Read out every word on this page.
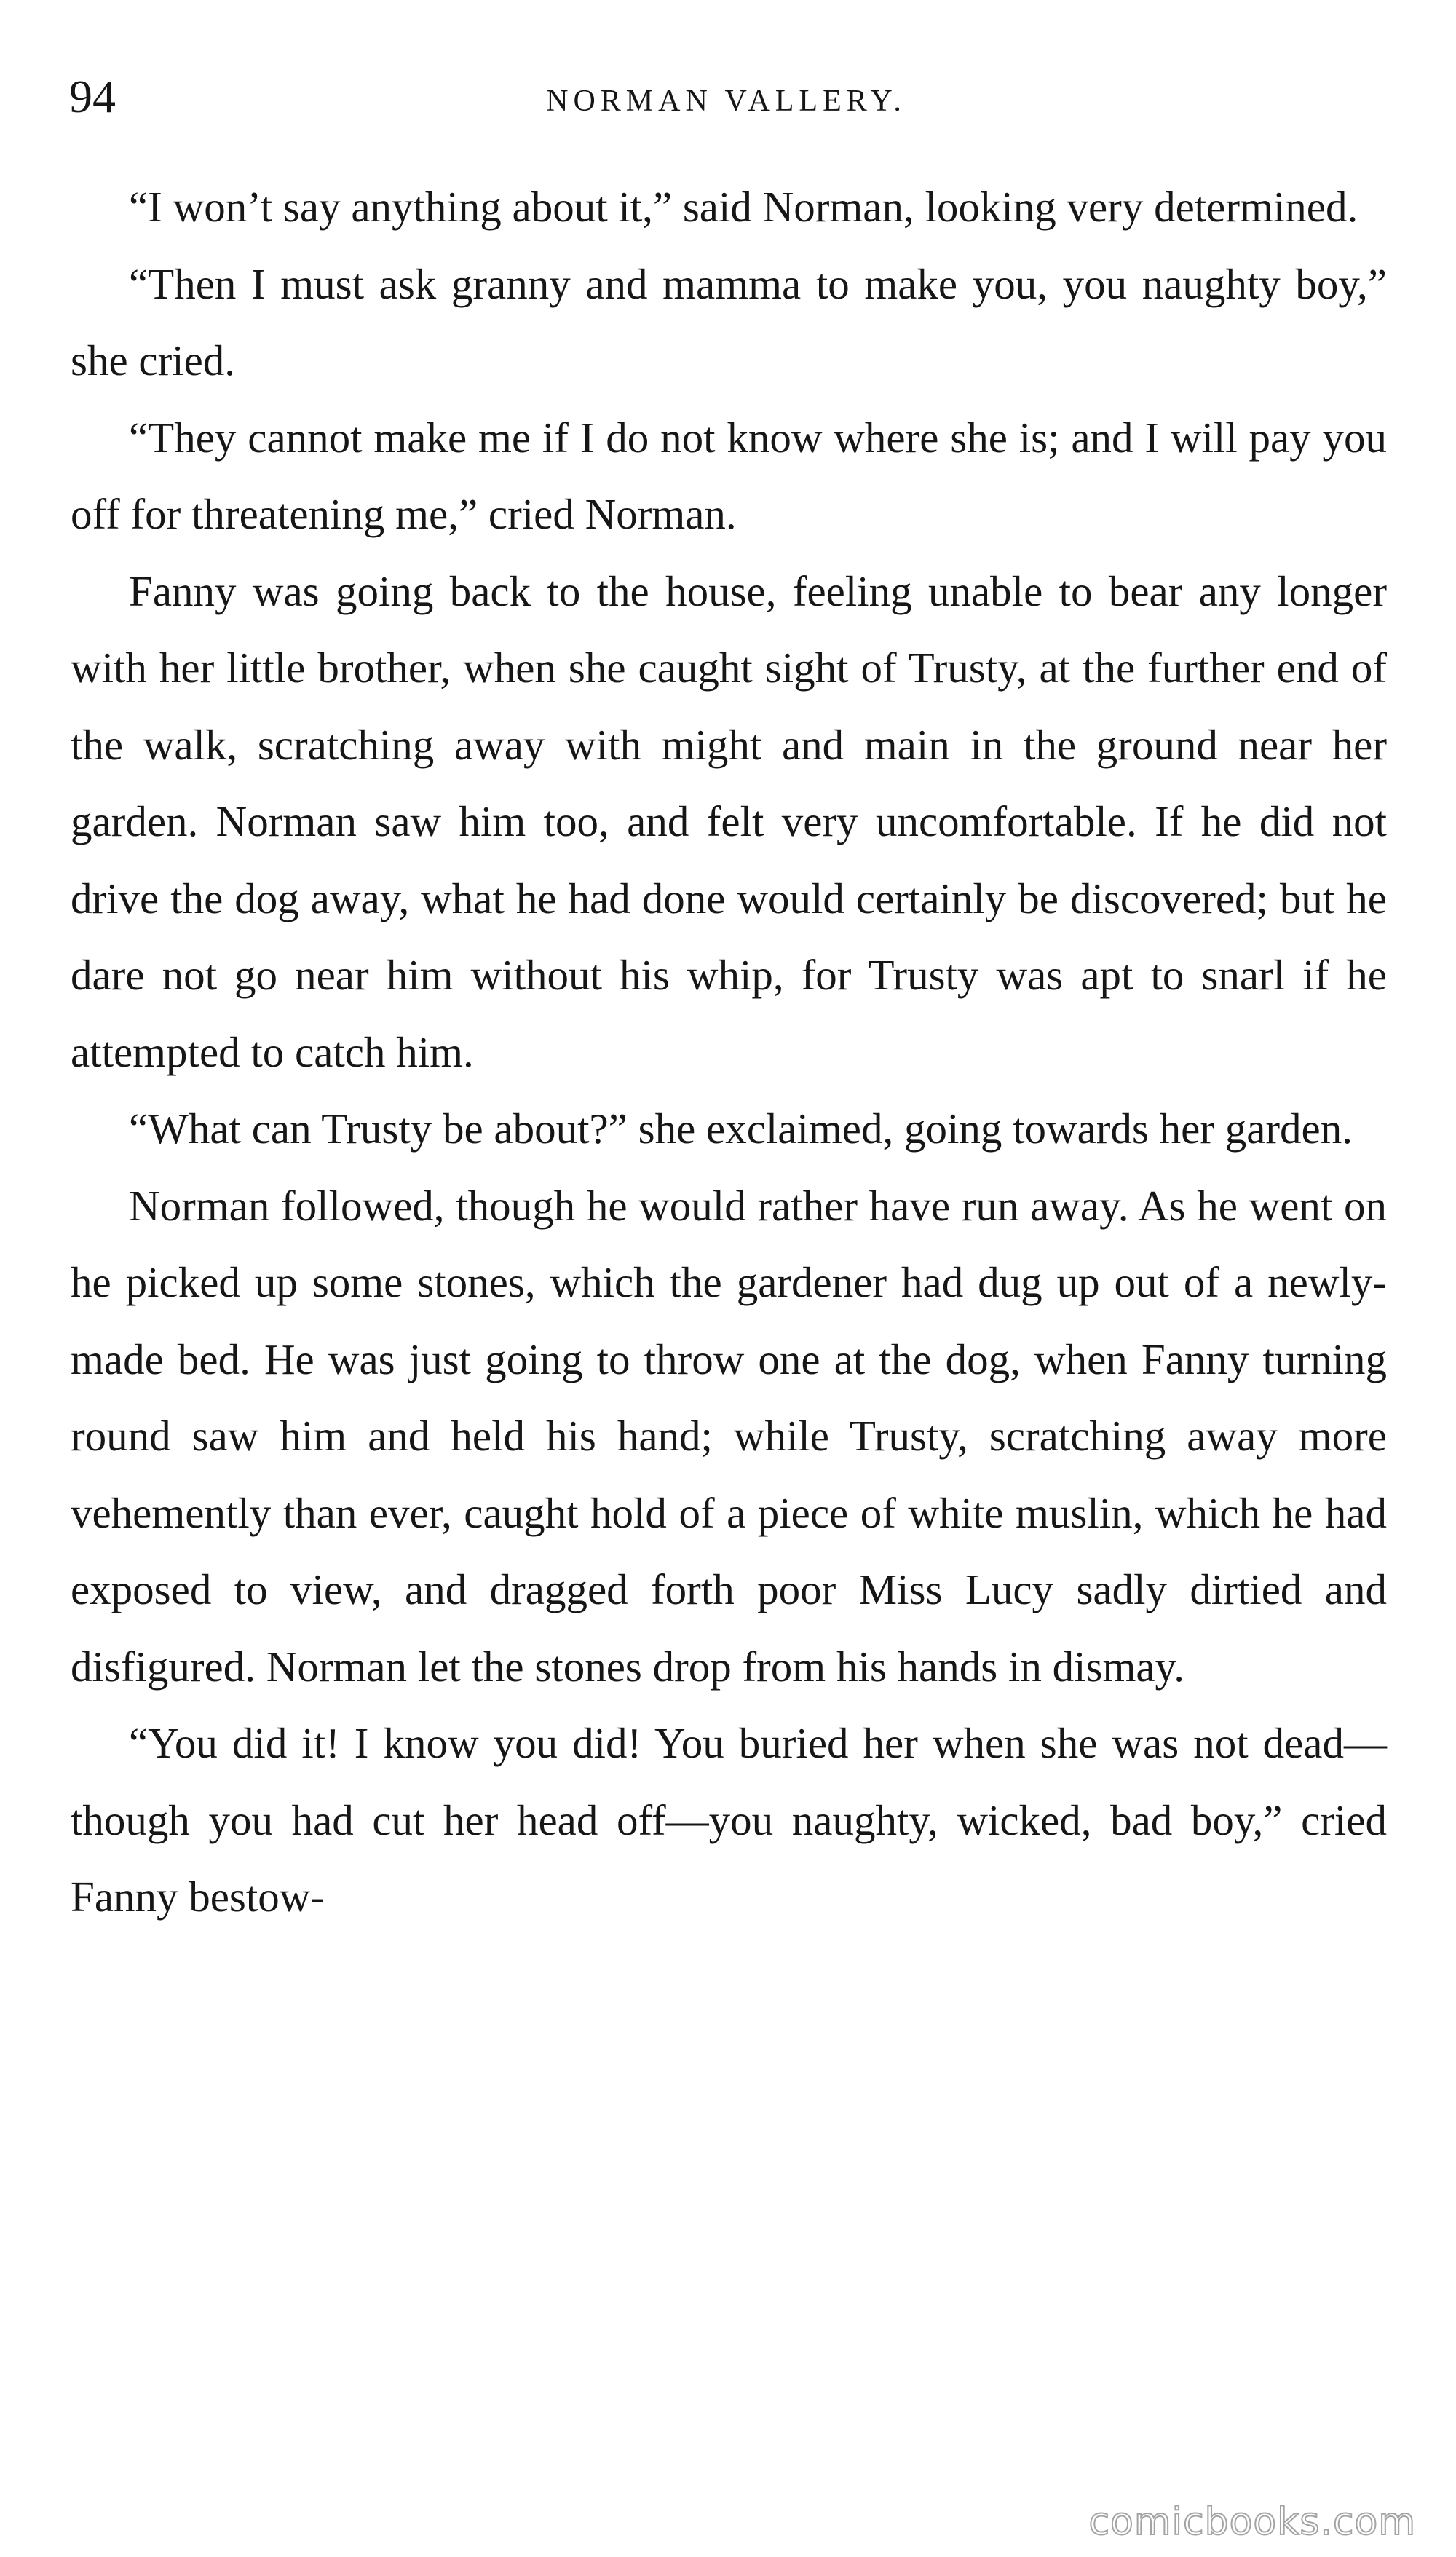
94	NORMAN VALLERY.

“I won’t say anything about it,” said Norman, looking very determined.

“Then I must ask granny and mamma to make you, you naughty boy,” she cried.

“They cannot make me if I do not know where she is; and I will pay you off for threatening me,” cried Norman.

Fanny was going back to the house, feeling unable to bear any longer with her little brother, when she caught sight of Trusty, at the further end of the walk, scratching away with might and main in the ground near her garden. Norman saw him too, and felt very uncomfortable. If he did not drive the dog away, what he had done would certainly be discovered; but he dare not go near him without his whip, for Trusty was apt to snarl if he attempted to catch him.

“What can Trusty be about?” she exclaimed, going towards her garden.

Norman followed, though he would rather have run away. As he went on he picked up some stones, which the gardener had dug up out of a newly-made bed. He was just going to throw one at the dog, when Fanny turning round saw him and held his hand; while Trusty, scratching away more vehemently than ever, caught hold of a piece of white muslin, which he had exposed to view, and dragged forth poor Miss Lucy sadly dirtied and disfigured. Norman let the stones drop from his hands in dismay.

“You did it! I know you did! You buried her when she was not dead—though you had cut her head off—you naughty, wicked, bad boy,” cried Fanny bestow-

comicbooks.com
